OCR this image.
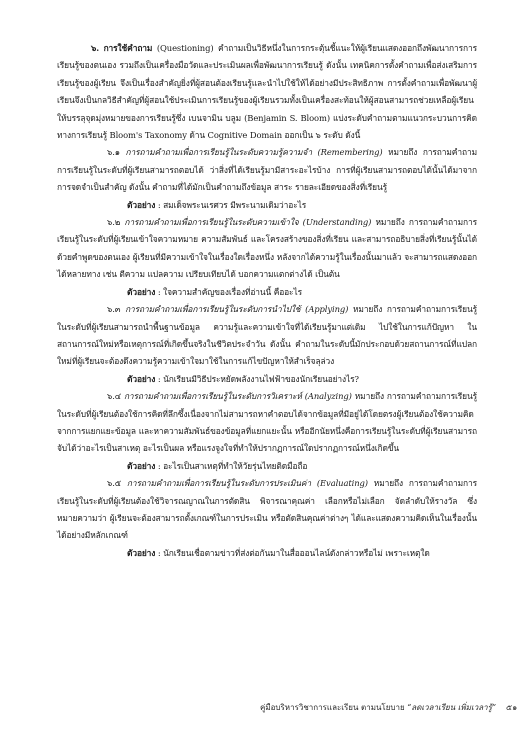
๖. การใช้คำถาม (Questioning) คำถามเป็นวิธีหนึ่งในการกระตุ้นชี้แนะให้ผู้เรียนแสดงออกถึงพัฒนาการการเรียนรู้ของตนเอง รวมถึงเป็นเครื่องมือวัดและประเมินผลเพื่อพัฒนาการเรียนรู้ ดังนั้น เทคนิคการตั้งคำถามเพื่อส่งเสริมการเรียนรู้ของผู้เรียน จึงเป็นเรื่องสำคัญยิ่งที่ผู้สอนต้องเรียนรู้และนำไปใช้ให้ได้อย่างมีประสิทธิภาพ การตั้งคำถามเพื่อพัฒนาผู้เรียนจึงเป็นกลวิธีสำคัญที่ผู้สอนใช้ประเมินการเรียนรู้ของผู้เรียนรวมทั้งเป็นเครื่องสะท้อนให้ผู้สอนสามารถช่วยเหลือผู้เรียนให้บรรลุจุดมุ่งหมายของการเรียนรู้ซึ่ง เบนจามิน บลูม (Benjamin S. Bloom) แบ่งระดับคำถามตามแนวกระบวนการคิดทางการเรียนรู้ Bloom's Taxonomy ด้าน Cognitive Domain ออกเป็น ๖ ระดับ ดังนี้

๖.๑ การถามคำถามเพื่อการเรียนรู้ในระดับความรู้ความจำ (Remembering) หมายถึง การถามคำถามการเรียนรู้ในระดับที่ผู้เรียนสามารถตอบได้ ว่าสิ่งที่ได้เรียนรู้มามีสาระอะไรบ้าง การที่ผู้เรียนสามารถตอบได้นั้นได้มาจากการจดจำเป็นสำคัญ ดังนั้น คำถามที่ได้มักเป็นคำถามถึงข้อมูล สาระ รายละเอียดของสิ่งที่เรียนรู้

ตัวอย่าง : สมเด็จพระนเรศวร มีพระนามเดิมว่าอะไร

๖.๒ การถามคำถามเพื่อการเรียนรู้ในระดับความเข้าใจ (Understanding) หมายถึง การถามคำถามการเรียนรู้ในระดับที่ผู้เรียนเข้าใจความหมาย ความสัมพันธ์ และโครงสร้างของสิ่งที่เรียน และสามารถอธิบายสิ่งที่เรียนรู้นั้นได้ด้วยคำพูดของตนเอง ผู้เรียนที่มีความเข้าใจในเรื่องใดเรื่องหนึ่ง หลังจากได้ความรู้ในเรื่องนั้นมาแล้ว จะสามารถแสดงออกได้หลายทาง เช่น ตีความ แปลความ เปรียบเทียบได้ บอกความแตกต่างได้ เป็นต้น

ตัวอย่าง : ใจความสำคัญของเรื่องที่อ่านนี้ คืออะไร

๖.๓ การถามคำถามเพื่อการเรียนรู้ในระดับการนำไปใช้ (Applying) หมายถึง การถามคำถามการเรียนรู้ในระดับที่ผู้เรียนสามารถนำพื้นฐานข้อมูล ความรู้และความเข้าใจที่ได้เรียนรู้มาแต่เดิม ไปใช้ในการแก้ปัญหา ในสถานการณ์ใหม่หรือเหตุการณ์ที่เกิดขึ้นจริงในชีวิตประจำวัน ดังนั้น คำถามในระดับนี้มักประกอบด้วยสถานการณ์ที่แปลกใหม่ที่ผู้เรียนจะต้องดึงความรู้ความเข้าใจมาใช้ในการแก้ไขปัญหาให้สำเร็จลุล่วง

ตัวอย่าง : นักเรียนมีวิธีประหยัดพลังงานไฟฟ้าของนักเรียนอย่างไร?

๖.๔ การถามคำถามเพื่อการเรียนรู้ในระดับการวิเคราะห์ (Analyzing) หมายถึง การถามคำถามการเรียนรู้ในระดับที่ผู้เรียนต้องใช้การคิดที่ลึกซึ้งเนื่องจากไม่สามารถหาคำตอบได้จากข้อมูลที่มีอยู่ได้โดยตรงผู้เรียนต้องใช้ความคิดจากการแยกแยะข้อมูล และหาความสัมพันธ์ของข้อมูลที่แยกแยะนั้น หรืออีกนัยหนึ่งคือการเรียนรู้ในระดับที่ผู้เรียนสามารถจับได้ว่าอะไรเป็นสาเหตุ อะไรเป็นผล หรือแรงจูงใจที่ทำให้ปรากฏการณ์ใดปรากฏการณ์หนึ่งเกิดขึ้น

ตัวอย่าง : อะไรเป็นสาเหตุที่ทำให้วัยรุ่นไทยติดมือถือ

๖.๕ การถามคำถามเพื่อการเรียนรู้ในระดับการประเมินค่า (Evaluating) หมายถึง การถามคำถามการเรียนรู้ในระดับที่ผู้เรียนต้องใช้วิจารณญาณในการตัดสิน พิจารณาคุณค่า เลือกหรือไม่เลือก จัดลำดับให้รางวัล ซึ่งหมายความว่า ผู้เรียนจะต้องสามารถตั้งเกณฑ์ในการประเมิน หรือตัดสินคุณค่าต่างๆ ได้และแสดงความคิดเห็นในเรื่องนั้นได้อย่างมีหลักเกณฑ์

ตัวอย่าง : นักเรียนเชื่อตามข่าวที่ส่งต่อกันมาในสื่อออนไลน์ดังกล่าวหรือไม่ เพราะเหตุใด

คู่มือบริหารวิชาการและเรียน ตามนโยบาย “ลดเวลาเรียน เพิ่มเวลารู้” ๕๑
